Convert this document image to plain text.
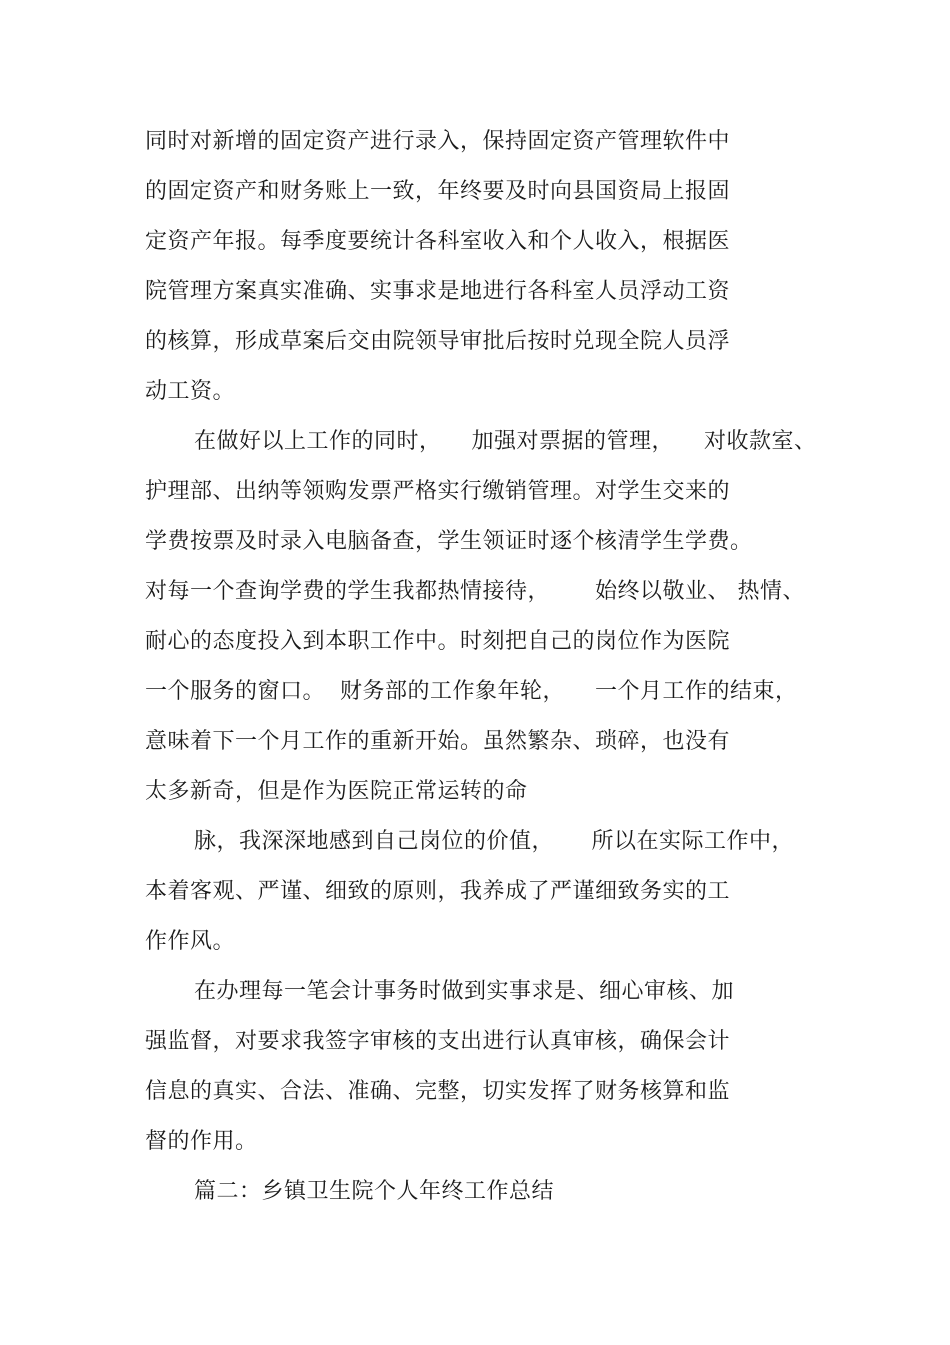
同时对新增的固定资产进行录入，保持固定资产管理软件中
的固定资产和财务账上一致，年终要及时向县国资局上报固
定资产年报。每季度要统计各科室收入和个人收入，根据医
院管理方案真实准确、实事求是地进行各科室人员浮动工资
的核算，形成草案后交由院领导审批后按时兑现全院人员浮
动工资。
在做好以上工作的同时，    加强对票据的管理，    对收款室、
护理部、出纳等领购发票严格实行缴销管理。对学生交来的
学费按票及时录入电脑备查，学生领证时逐个核清学生学费。
对每一个查询学费的学生我都热情接待，      始终以敬业、 热情、
耐心的态度投入到本职工作中。时刻把自己的岗位作为医院
一个服务的窗口。  财务部的工作象年轮，    一个月工作的结束，
意味着下一个月工作的重新开始。虽然繁杂、琐碎，也没有
太多新奇，但是作为医院正常运转的命
脉，我深深地感到自己岗位的价值，     所以在实际工作中，
本着客观、严谨、细致的原则，我养成了严谨细致务实的工
作作风。
在办理每一笔会计事务时做到实事求是、细心审核、加
强监督，对要求我签字审核的支出进行认真审核，确保会计
信息的真实、合法、准确、完整，切实发挥了财务核算和监
督的作用。
篇二：乡镇卫生院个人年终工作总结
